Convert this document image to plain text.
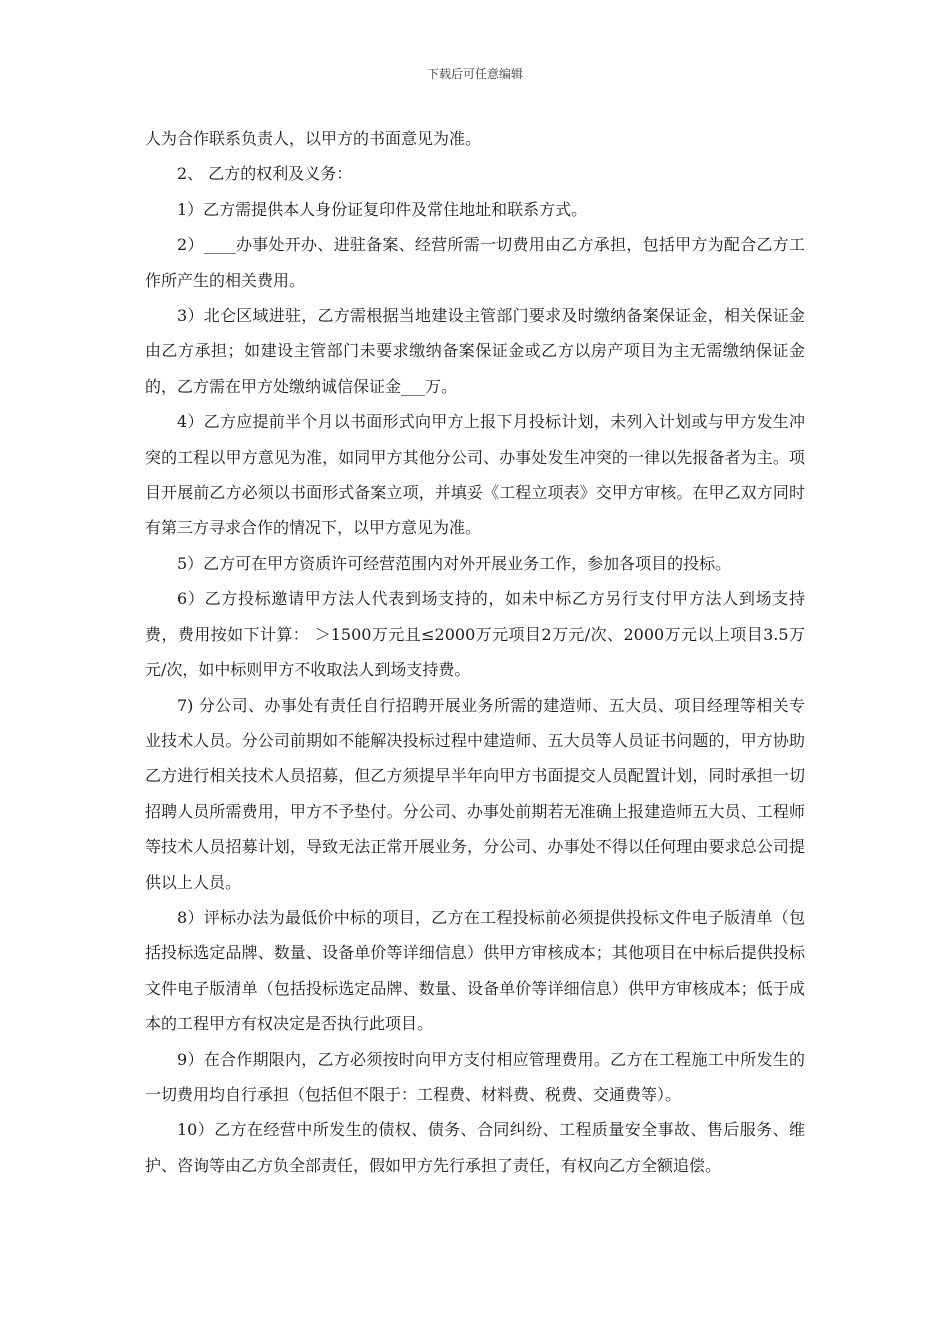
下载后可任意编辑

人为合作联系负责人，以甲方的书面意见为准。

2、 乙方的权利及义务：

1）乙方需提供本人身份证复印件及常住地址和联系方式。

2）____办事处开办、进驻备案、经营所需一切费用由乙方承担，包括甲方为配合乙方工作所产生的相关费用。

3）北仑区域进驻，乙方需根据当地建设主管部门要求及时缴纳备案保证金，相关保证金由乙方承担；如建设主管部门未要求缴纳备案保证金或乙方以房产项目为主无需缴纳保证金的，乙方需在甲方处缴纳诚信保证金___万。

4）乙方应提前半个月以书面形式向甲方上报下月投标计划，未列入计划或与甲方发生冲突的工程以甲方意见为准，如同甲方其他分公司、办事处发生冲突的一律以先报备者为主。项目开展前乙方必须以书面形式备案立项，并填妥《工程立项表》交甲方审核。在甲乙双方同时有第三方寻求合作的情况下，以甲方意见为准。

5）乙方可在甲方资质许可经营范围内对外开展业务工作，参加各项目的投标。

6）乙方投标邀请甲方法人代表到场支持的，如未中标乙方另行支付甲方法人到场支持费，费用按如下计算： ＞1500万元且≤2000万元项目2万元/次、2000万元以上项目3.5万元/次，如中标则甲方不收取法人到场支持费。

7) 分公司、办事处有责任自行招聘开展业务所需的建造师、五大员、项目经理等相关专业技术人员。分公司前期如不能解决投标过程中建造师、五大员等人员证书问题的，甲方协助乙方进行相关技术人员招募，但乙方须提早半年向甲方书面提交人员配置计划，同时承担一切招聘人员所需费用，甲方不予垫付。分公司、办事处前期若无准确上报建造师五大员、工程师等技术人员招募计划，导致无法正常开展业务，分公司、办事处不得以任何理由要求总公司提供以上人员。

8）评标办法为最低价中标的项目，乙方在工程投标前必须提供投标文件电子版清单（包括投标选定品牌、数量、设备单价等详细信息）供甲方审核成本；其他项目在中标后提供投标文件电子版清单（包括投标选定品牌、数量、设备单价等详细信息）供甲方审核成本；低于成本的工程甲方有权决定是否执行此项目。

9）在合作期限内，乙方必须按时向甲方支付相应管理费用。乙方在工程施工中所发生的一切费用均自行承担（包括但不限于：工程费、材料费、税费、交通费等）。

10）乙方在经营中所发生的债权、债务、合同纠纷、工程质量安全事故、售后服务、维护、咨询等由乙方负全部责任，假如甲方先行承担了责任，有权向乙方全额追偿。
